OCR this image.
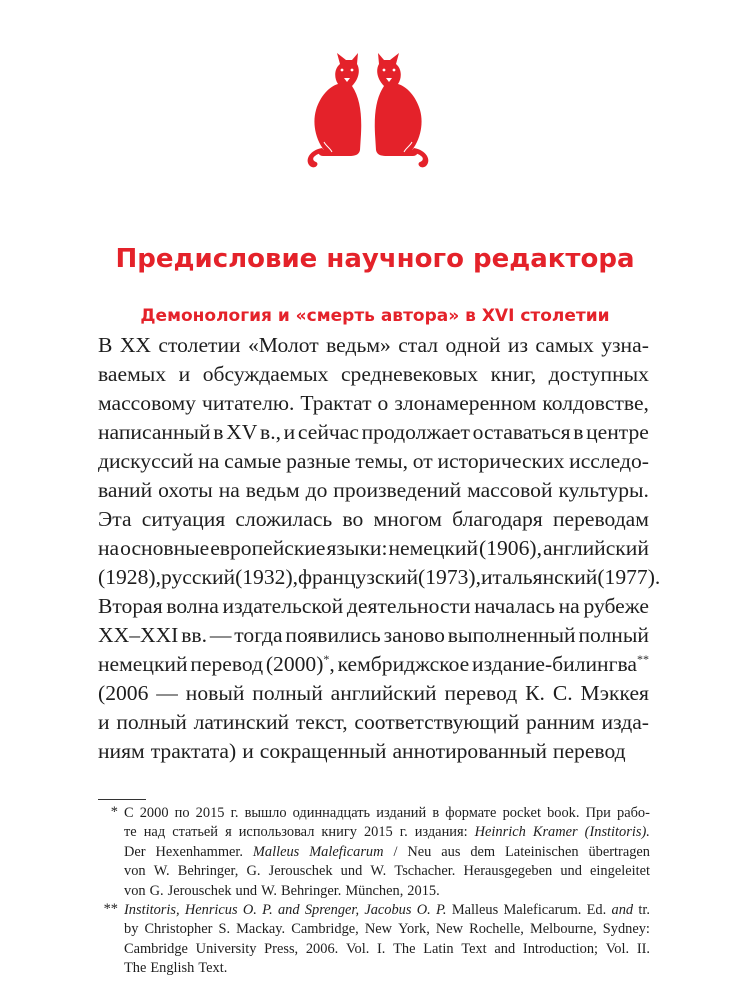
Предисловие научного редактора
Демонология и «смерть автора» в XVI столетии
В XX столетии «Молот ведьм» стал одной из самых узна-
ваемых и обсуждаемых средневековых книг, доступных
массовому читателю. Трактат о злонамеренном колдовстве,
написанный в XV в., и сейчас продолжает оставаться в центре
дискуссий на самые разные темы, от исторических исследо-
ваний охоты на ведьм до произведений массовой культуры.
Эта ситуация сложилась во многом благодаря переводам
на основные европейские языки: немецкий (1906), английский
(1928), русский (1932), французский (1973), итальянский (1977).
Вторая волна издательской деятельности началась на рубеже
XX–XXI вв. — тогда появились заново выполненный полный
немецкий перевод (2000)*, кембриджское издание-билингва**
(2006 — новый полный английский перевод К. С. Мэккея
и полный латинский текст, соответствующий ранним изда-
ниям трактата) и сокращенный аннотированный перевод
* С 2000 по 2015 г. вышло одиннадцать изданий в формате pocket book. При рабо-
те над статьей я использовал книгу 2015 г. издания: Heinrich Kramer (Institoris).
Der Hexenhammer. Malleus Maleficarum / Neu aus dem Lateinischen übertragen
von W. Behringer, G. Jerouschek und W. Tschacher. Herausgegeben und eingeleitet
von G. Jerouschek und W. Behringer. München, 2015.
** Institoris, Henricus O. P. and Sprenger, Jacobus O. P. Malleus Maleficarum. Ed. and tr.
by Christopher S. Mackay. Cambridge, New York, New Rochelle, Melbourne, Sydney:
Cambridge University Press, 2006. Vol. I. The Latin Text and Introduction; Vol. II.
The English Text.
